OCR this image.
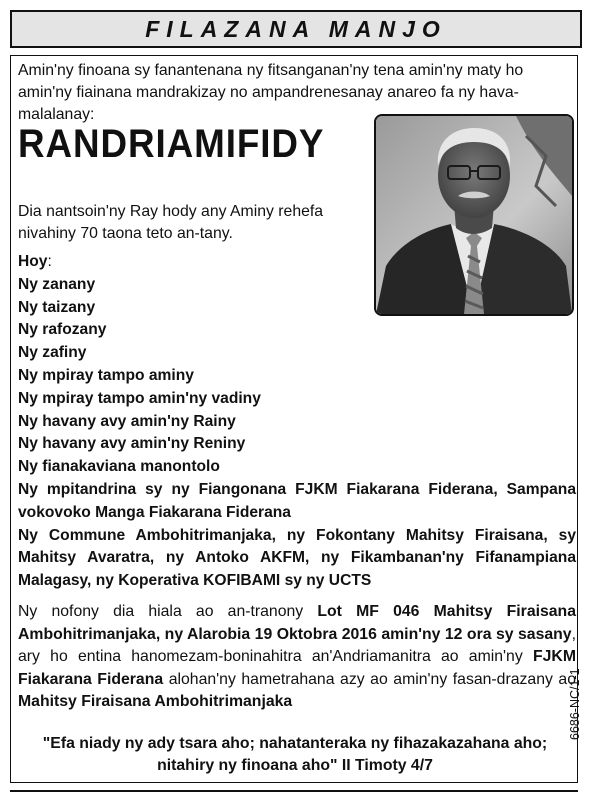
FILAZANA MANJO

Amin'ny finoana sy fanantenana ny fitsanganan'ny tena amin'ny maty ho amin'ny fiainana mandrakizay no ampandrenesanay anareo fa ny hava-malalanay:

RANDRIAMIFIDY

Dia nantsoin'ny Ray hody any Aminy rehefa nivahiny 70 taona teto an-tany.

Hoy:
Ny zanany
Ny taizany
Ny rafozany
Ny zafiny
Ny mpiray tampo aminy
Ny mpiray tampo amin'ny vadiny
Ny havany avy amin'ny Rainy
Ny havany avy amin'ny Reniny
Ny fianakaviana manontolo
Ny mpitandrina sy ny Fiangonana FJKM Fiakarana Fiderana, Sampana vokovoko Manga Fiakarana Fiderana
Ny Commune Ambohitrimanjaka, ny Fokontany Mahitsy Firaisana, sy Mahitsy Avaratra, ny Antoko AKFM, ny Fikambanan'ny Fifanampiana Malagasy, ny Koperativa KOFIBAMI sy ny UCTS

Ny nofony dia hiala ao an-tranony Lot MF 046 Mahitsy Firaisana Ambohitrimanjaka, ny Alarobia 19 Oktobra 2016 amin'ny 12 ora sy sasany, ary ho entina hanomezam-boninahitra an'Andriamanitra ao amin'ny FJKM Fiakarana Fiderana alohan'ny hametrahana azy ao amin'ny fasan-drazany ao Mahitsy Firaisana Ambohitrimanjaka

"Efa niady ny ady tsara aho; nahatanteraka ny fihazakazahana aho; nitahiry ny finoana aho" II Timoty 4/7

6686-NC/1-1
